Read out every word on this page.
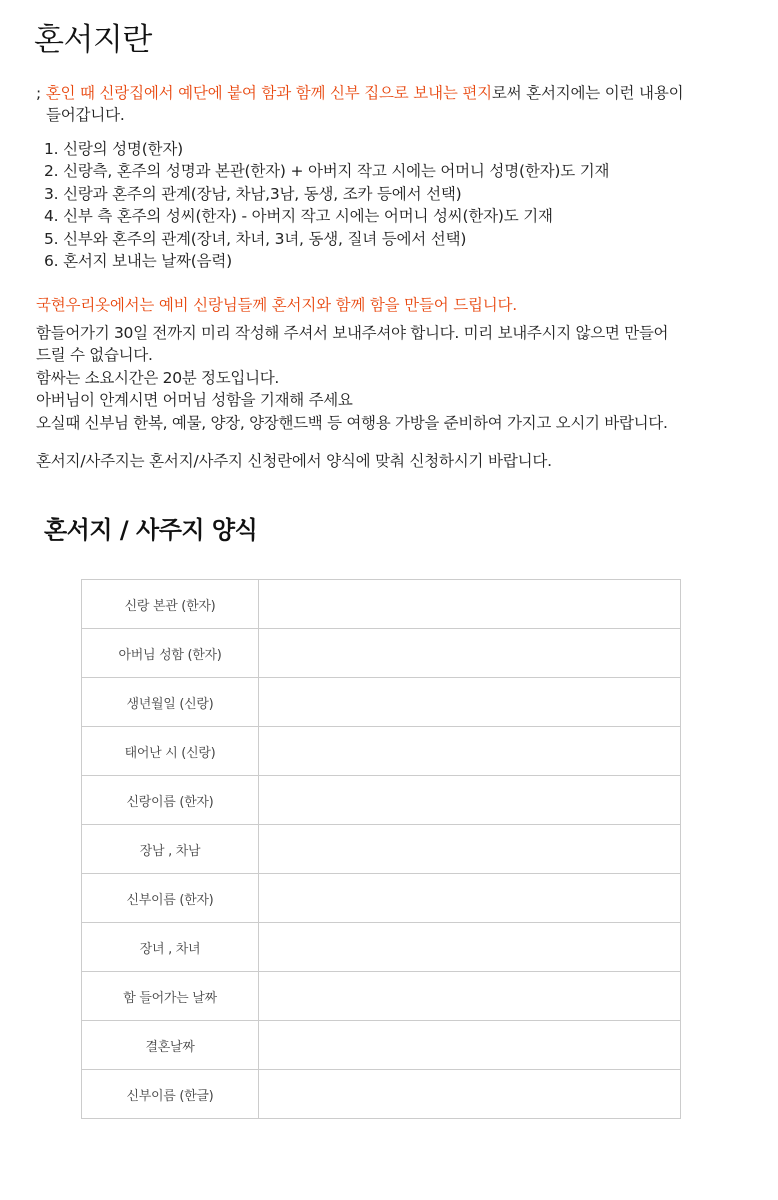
혼서지란

; 혼인 때 신랑집에서 예단에 붙여 함과 함께 신부 집으로 보내는 편지로써 혼서지에는 이런 내용이
들어갑니다.

1. 신랑의 성명(한자)
2. 신랑측, 혼주의 성명과 본관(한자) + 아버지 작고 시에는 어머니 성명(한자)도 기재
3. 신랑과 혼주의 관계(장남, 차남,3남, 동생, 조카 등에서 선택)
4. 신부 측 혼주의 성씨(한자) - 아버지 작고 시에는 어머니 성씨(한자)도 기재
5. 신부와 혼주의 관계(장녀, 차녀, 3녀, 동생, 질녀 등에서 선택)
6. 혼서지 보내는 날짜(음력)

국현우리옷에서는 예비 신랑님들께 혼서지와 함께 함을 만들어 드립니다.

함들어가기 30일 전까지 미리 작성해 주셔서 보내주셔야 합니다. 미리 보내주시지 않으면 만들어
드릴 수 없습니다.
함싸는 소요시간은 20분 정도입니다.
아버님이 안계시면 어머님 성함을 기재해 주세요
오실때 신부님 한복, 예물, 양장, 양장핸드백 등 여행용 가방을 준비하여 가지고 오시기 바랍니다.

혼서지/사주지는 혼서지/사주지 신청란에서 양식에 맞춰 신청하시기 바랍니다.

혼서지 / 사주지 양식
신랑 본관 (한자)	
아버님 성함 (한자)	
생년월일 (신랑)	
태어난 시 (신랑)	
신랑이름 (한자)	
장남 , 차남	
신부이름 (한자)	
장녀 , 차녀	
함 들어가는 날짜	
결혼날짜	
신부이름 (한글)	
